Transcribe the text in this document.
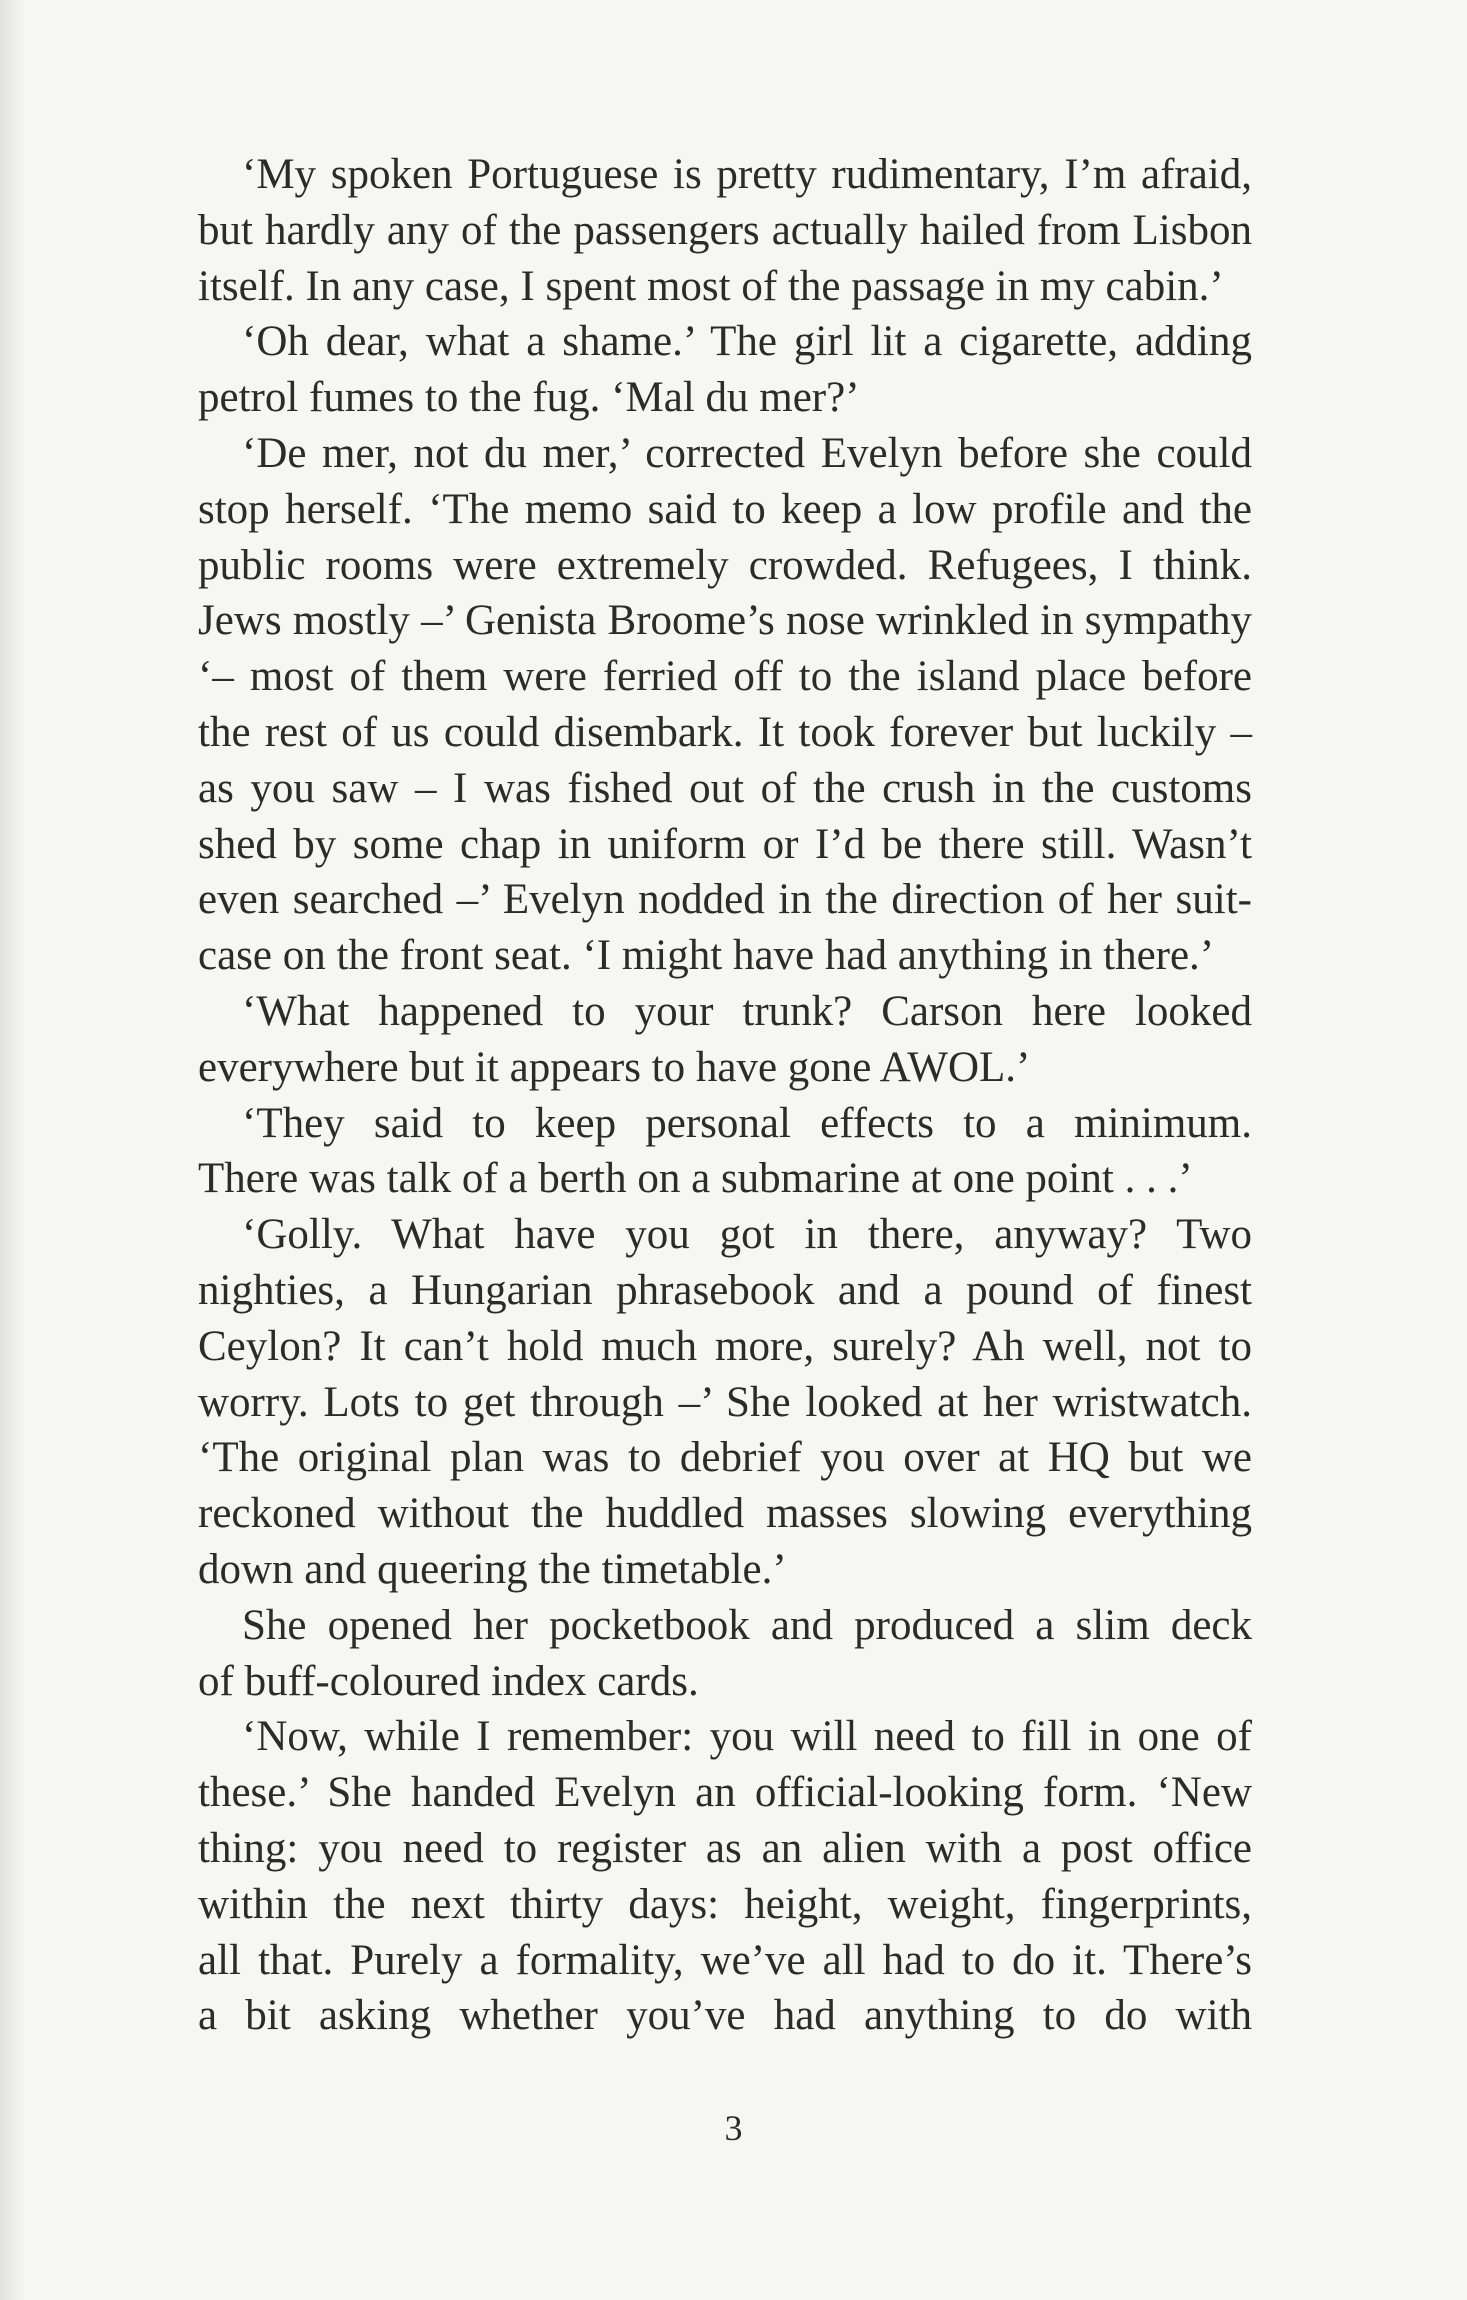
‘My spoken Portuguese is pretty rudimentary, I’m afraid,
but hardly any of the passengers actually hailed from Lisbon
itself. In any case, I spent most of the passage in my cabin.’
‘Oh dear, what a shame.’ The girl lit a cigarette, adding
petrol fumes to the fug. ‘Mal du mer?’
‘De mer, not du mer,’ corrected Evelyn before she could
stop herself. ‘The memo said to keep a low profile and the
public rooms were extremely crowded. Refugees, I think.
Jews mostly –’ Genista Broome’s nose wrinkled in sympathy
‘– most of them were ferried off to the island place before
the rest of us could disembark. It took forever but luckily –
as you saw – I was fished out of the crush in the customs
shed by some chap in uniform or I’d be there still. Wasn’t
even searched –’ Evelyn nodded in the direction of her suit-
case on the front seat. ‘I might have had anything in there.’
‘What happened to your trunk? Carson here looked
everywhere but it appears to have gone AWOL.’
‘They said to keep personal effects to a minimum.
There was talk of a berth on a submarine at one point . . .’
‘Golly. What have you got in there, anyway? Two
nighties, a Hungarian phrasebook and a pound of finest
Ceylon? It can’t hold much more, surely? Ah well, not to
worry. Lots to get through –’ She looked at her wristwatch.
‘The original plan was to debrief you over at HQ but we
reckoned without the huddled masses slowing everything
down and queering the timetable.’
She opened her pocketbook and produced a slim deck
of buff-coloured index cards.
‘Now, while I remember: you will need to fill in one of
these.’ She handed Evelyn an official-looking form. ‘New
thing: you need to register as an alien with a post office
within the next thirty days: height, weight, fingerprints,
all that. Purely a formality, we’ve all had to do it. There’s
a bit asking whether you’ve had anything to do with
3
